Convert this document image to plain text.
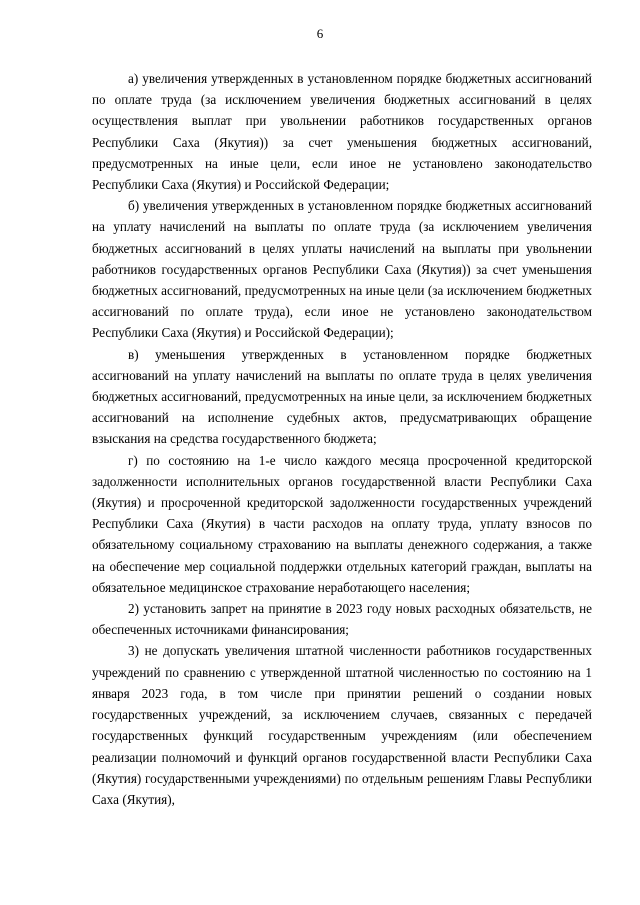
6

а) увеличения утвержденных в установленном порядке бюджетных ассигнований по оплате труда (за исключением увеличения бюджетных ассигнований в целях осуществления выплат при увольнении работников государственных органов Республики Саха (Якутия)) за счет уменьшения бюджетных ассигнований, предусмотренных на иные цели, если иное не установлено законодательство Республики Саха (Якутия) и Российской Федерации;

б) увеличения утвержденных в установленном порядке бюджетных ассигнований на уплату начислений на выплаты по оплате труда (за исключением увеличения бюджетных ассигнований в целях уплаты начислений на выплаты при увольнении работников государственных органов Республики Саха (Якутия)) за счет уменьшения бюджетных ассигнований, предусмотренных на иные цели (за исключением бюджетных ассигнований по оплате труда), если иное не установлено законодательством Республики Саха (Якутия) и Российской Федерации);

в) уменьшения утвержденных в установленном порядке бюджетных ассигнований на уплату начислений на выплаты по оплате труда в целях увеличения бюджетных ассигнований, предусмотренных на иные цели, за исключением бюджетных ассигнований на исполнение судебных актов, предусматривающих обращение взыскания на средства государственного бюджета;

г) по состоянию на 1-е число каждого месяца просроченной кредиторской задолженности исполнительных органов государственной власти Республики Саха (Якутия) и просроченной кредиторской задолженности государственных учреждений Республики Саха (Якутия) в части расходов на оплату труда, уплату взносов по обязательному социальному страхованию на выплаты денежного содержания, а также на обеспечение мер социальной поддержки отдельных категорий граждан, выплаты на обязательное медицинское страхование неработающего населения;

2) установить запрет на принятие в 2023 году новых расходных обязательств, не обеспеченных источниками финансирования;

3) не допускать увеличения штатной численности работников государственных учреждений по сравнению с утвержденной штатной численностью по состоянию на 1 января 2023 года, в том числе при принятии решений о создании новых государственных учреждений, за исключением случаев, связанных с передачей государственных функций государственным учреждениям (или обеспечением реализации полномочий и функций органов государственной власти Республики Саха (Якутия) государственными учреждениями) по отдельным решениям Главы Республики Саха (Якутия),
